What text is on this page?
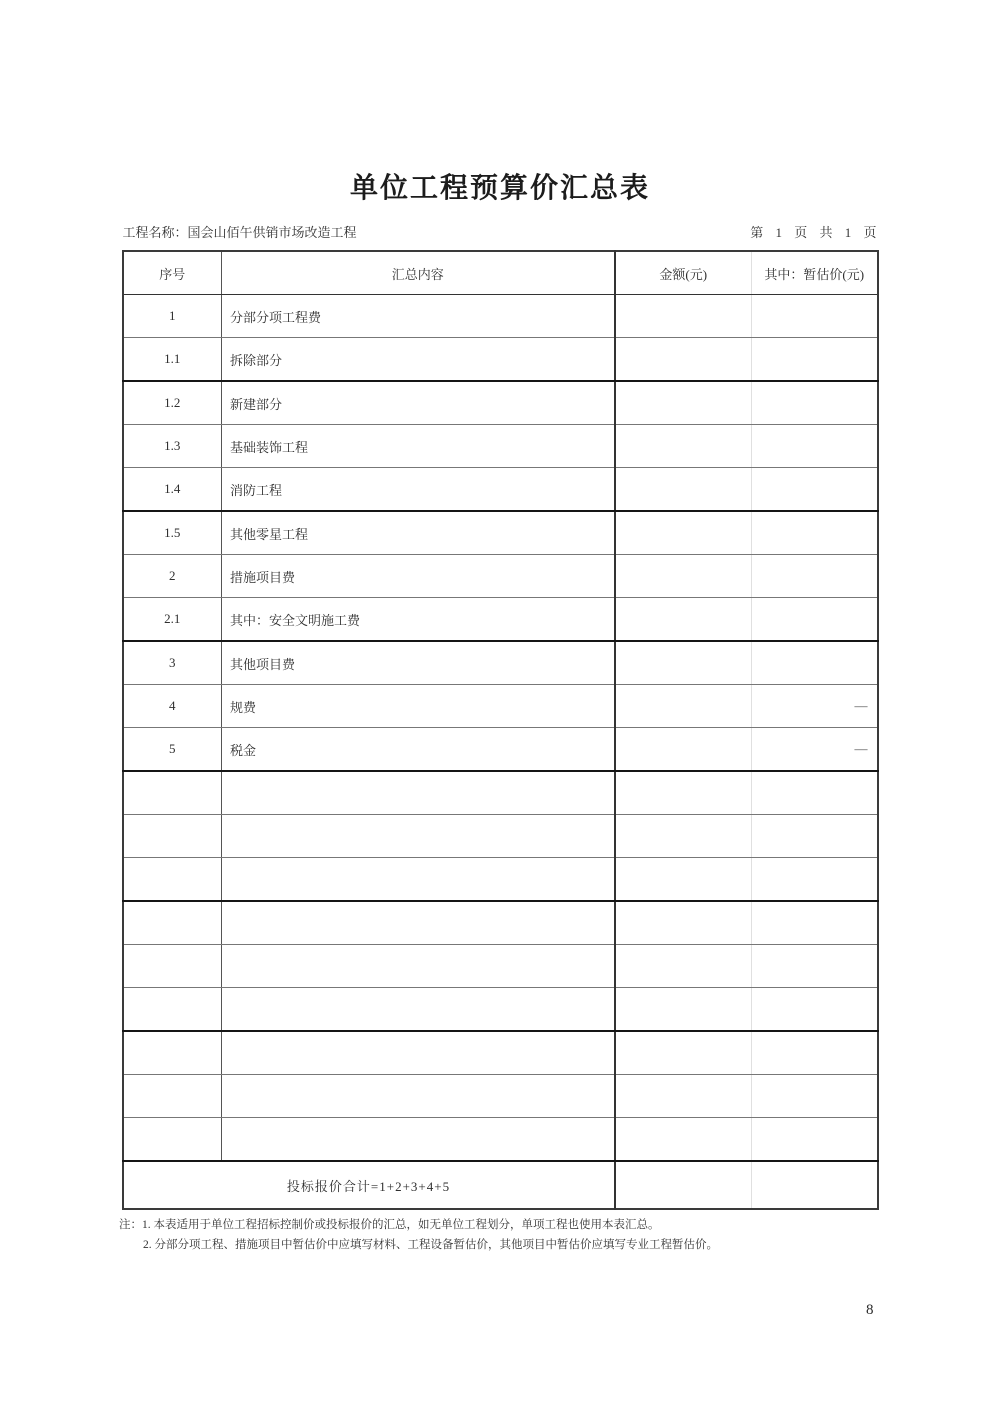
单位工程预算价汇总表
工程名称：国会山佰午供销市场改造工程	第 1 页 共 1 页
序号	汇总内容	金额(元)	其中：暂估价(元)
1	分部分项工程费		
1.1	拆除部分		
1.2	新建部分		
1.3	基础装饰工程		
1.4	消防工程		
1.5	其他零星工程		
2	措施项目费		
2.1	其中：安全文明施工费		
3	其他项目费		
4	规费		—
5	税金		—

投标报价合计=1+2+3+4+5			
注：1. 本表适用于单位工程招标控制价或投标报价的汇总，如无单位工程划分，单项工程也使用本表汇总。
2. 分部分项工程、措施项目中暂估价中应填写材料、工程设备暂估价，其他项目中暂估价应填写专业工程暂估价。
8
